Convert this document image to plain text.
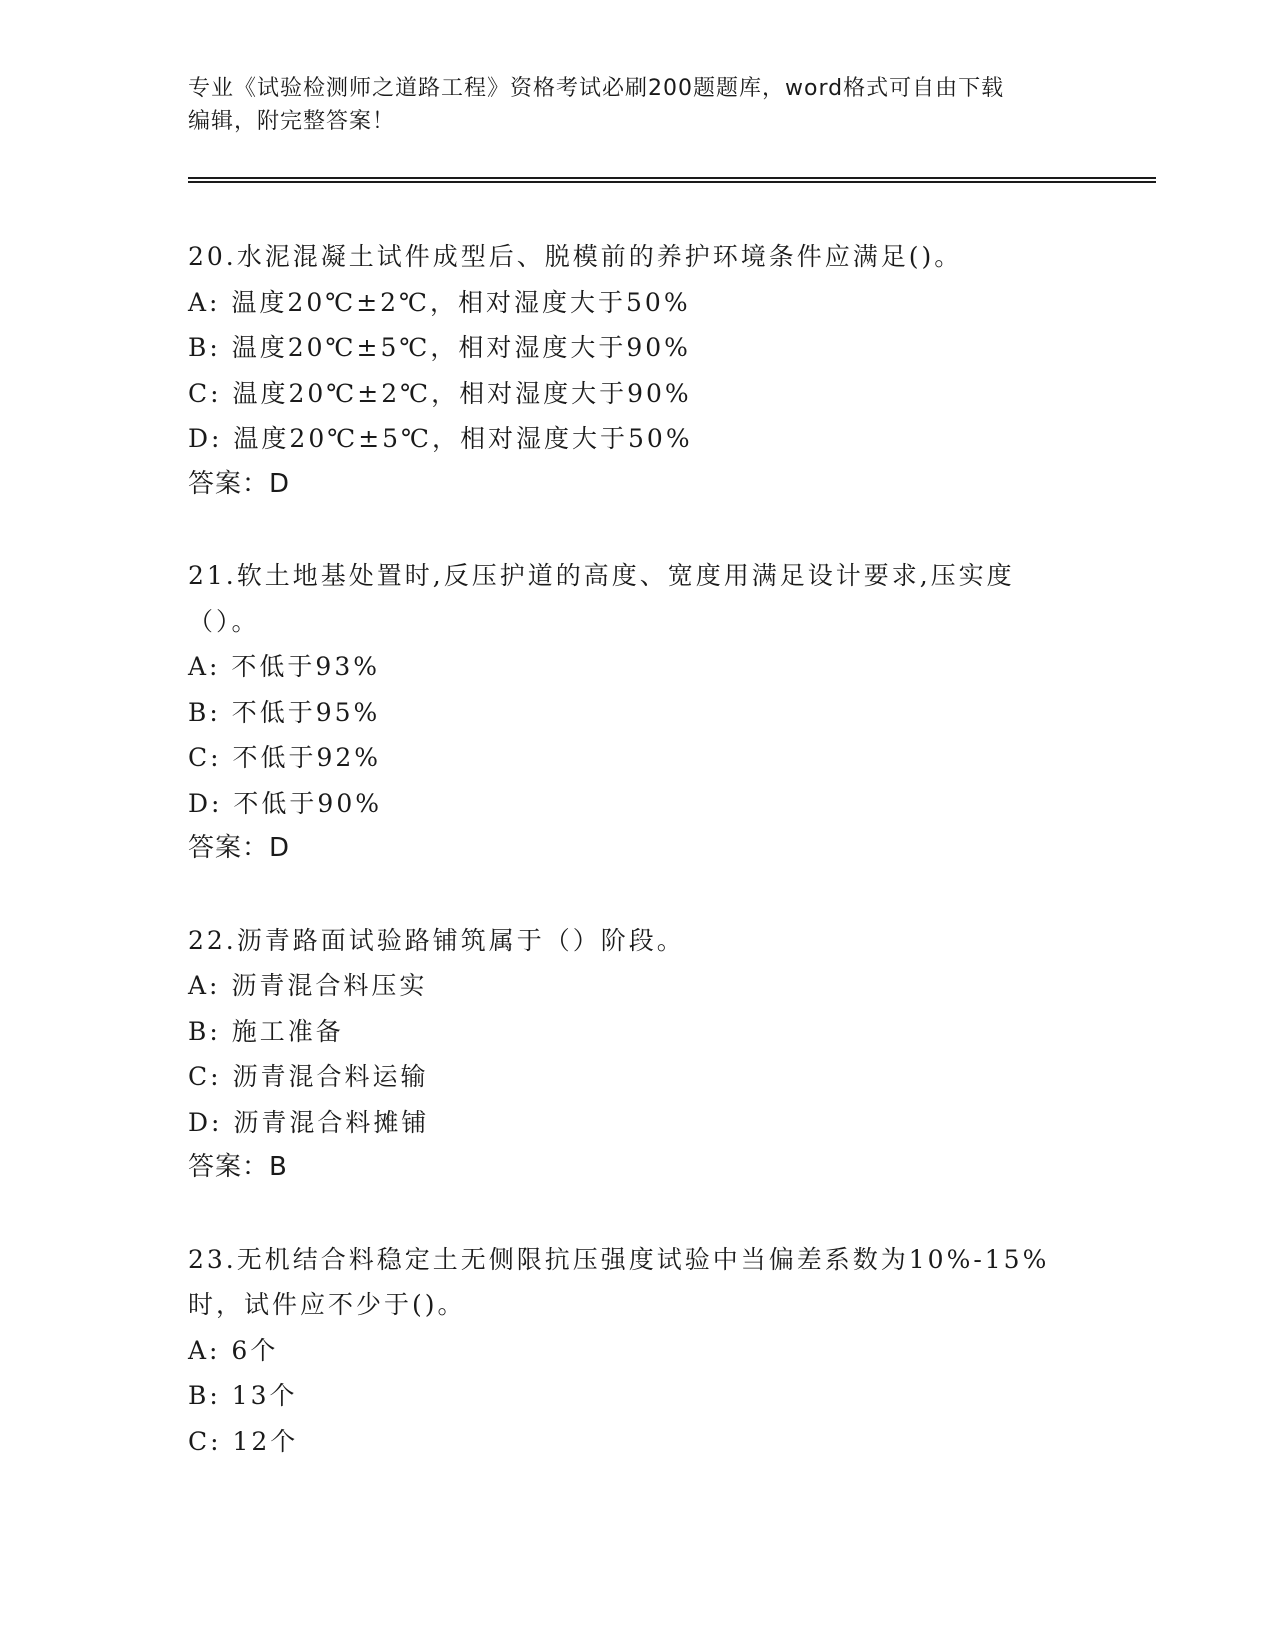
专业《试验检测师之道路工程》资格考试必刷200题题库，word格式可自由下载
编辑，附完整答案！
20.水泥混凝土试件成型后、脱模前的养护环境条件应满足()。
A: 温度20℃±2℃，相对湿度大于50%
B: 温度20℃±5℃，相对湿度大于90%
C: 温度20℃±2℃，相对湿度大于90%
D: 温度20℃±5℃，相对湿度大于50%
答案：D
21.软土地基处置时,反压护道的高度、宽度用满足设计要求,压实度（）。
A: 不低于93%
B: 不低于95%
C: 不低于92%
D: 不低于90%
答案：D
22.沥青路面试验路铺筑属于（）阶段。
A: 沥青混合料压实
B: 施工准备
C: 沥青混合料运输
D: 沥青混合料摊铺
答案：B
23.无机结合料稳定土无侧限抗压强度试验中当偏差系数为10%-15%时，试件应不少于()。
A: 6个
B: 13个
C: 12个
